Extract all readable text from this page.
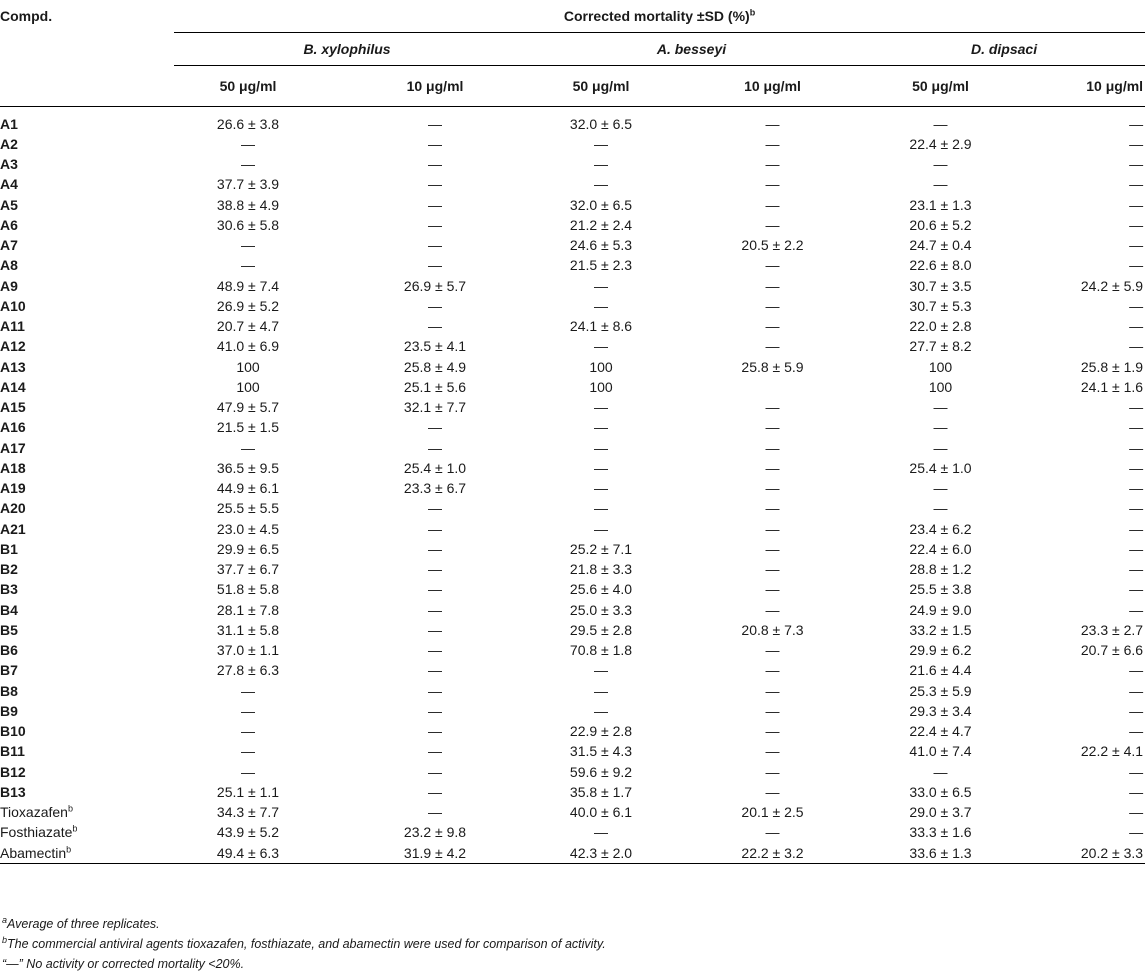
Compd.	Corrected mortality ±SD (%)$^b$
	B. xylophilus		A. besseyi		D. dipsaci	
	50 μg/ml	10 μg/ml	50 μg/ml	10 μg/ml	50 μg/ml	10 μg/ml

A1	26.6 ± 3.8	—	32.0 ± 6.5	—	—	—
A2	—	—	—	—	22.4 ± 2.9	—
A3	—	—	—	—	—	—
A4	37.7 ± 3.9	—	—	—	—	—
A5	38.8 ± 4.9	—	32.0 ± 6.5	—	23.1 ± 1.3	—
A6	30.6 ± 5.8	—	21.2 ± 2.4	—	20.6 ± 5.2	—
A7	—	—	24.6 ± 5.3	20.5 ± 2.2	24.7 ± 0.4	—
A8	—	—	21.5 ± 2.3	—	22.6 ± 8.0	—
A9	48.9 ± 7.4	26.9 ± 5.7	—	—	30.7 ± 3.5	24.2 ± 5.9
A10	26.9 ± 5.2	—	—	—	30.7 ± 5.3	—
A11	20.7 ± 4.7	—	24.1 ± 8.6	—	22.0 ± 2.8	—
A12	41.0 ± 6.9	23.5 ± 4.1	—	—	27.7 ± 8.2	—
A13	100	25.8 ± 4.9	100	25.8 ± 5.9	100	25.8 ± 1.9
A14	100	25.1 ± 5.6	100		100	24.1 ± 1.6
A15	47.9 ± 5.7	32.1 ± 7.7	—	—	—	—
A16	21.5 ± 1.5	—	—	—	—	—
A17	—	—	—	—	—	—
A18	36.5 ± 9.5	25.4 ± 1.0	—	—	25.4 ± 1.0	—
A19	44.9 ± 6.1	23.3 ± 6.7	—	—	—	—
A20	25.5 ± 5.5	—	—	—	—	—
A21	23.0 ± 4.5	—	—	—	23.4 ± 6.2	—
B1	29.9 ± 6.5	—	25.2 ± 7.1	—	22.4 ± 6.0	—
B2	37.7 ± 6.7	—	21.8 ± 3.3	—	28.8 ± 1.2	—
B3	51.8 ± 5.8	—	25.6 ± 4.0	—	25.5 ± 3.8	—
B4	28.1 ± 7.8	—	25.0 ± 3.3	—	24.9 ± 9.0	—
B5	31.1 ± 5.8	—	29.5 ± 2.8	20.8 ± 7.3	33.2 ± 1.5	23.3 ± 2.7
B6	37.0 ± 1.1	—	70.8 ± 1.8	—	29.9 ± 6.2	20.7 ± 6.6
B7	27.8 ± 6.3	—	—	—	21.6 ± 4.4	—
B8	—	—	—	—	25.3 ± 5.9	—
B9	—	—	—	—	29.3 ± 3.4	—
B10	—	—	22.9 ± 2.8	—	22.4 ± 4.7	—
B11	—	—	31.5 ± 4.3	—	41.0 ± 7.4	22.2 ± 4.1
B12	—	—	59.6 ± 9.2	—	—	—
B13	25.1 ± 1.1	—	35.8 ± 1.7	—	33.0 ± 6.5	—
Tioxazafen$^b$	34.3 ± 7.7	—	40.0 ± 6.1	20.1 ± 2.5	29.0 ± 3.7	—
Fosthiazate$^b$	43.9 ± 5.2	23.2 ± 9.8	—	—	33.3 ± 1.6	—
Abamectin$^b$	49.4 ± 6.3	31.9 ± 4.2	42.3 ± 2.0	22.2 ± 3.2	33.6 ± 1.3	20.2 ± 3.3
$^a$Average of three replicates.
$^b$The commercial antiviral agents tioxazafen, fosthiazate, and abamectin were used for comparison of activity.
“—” No activity or corrected mortality <20%.
